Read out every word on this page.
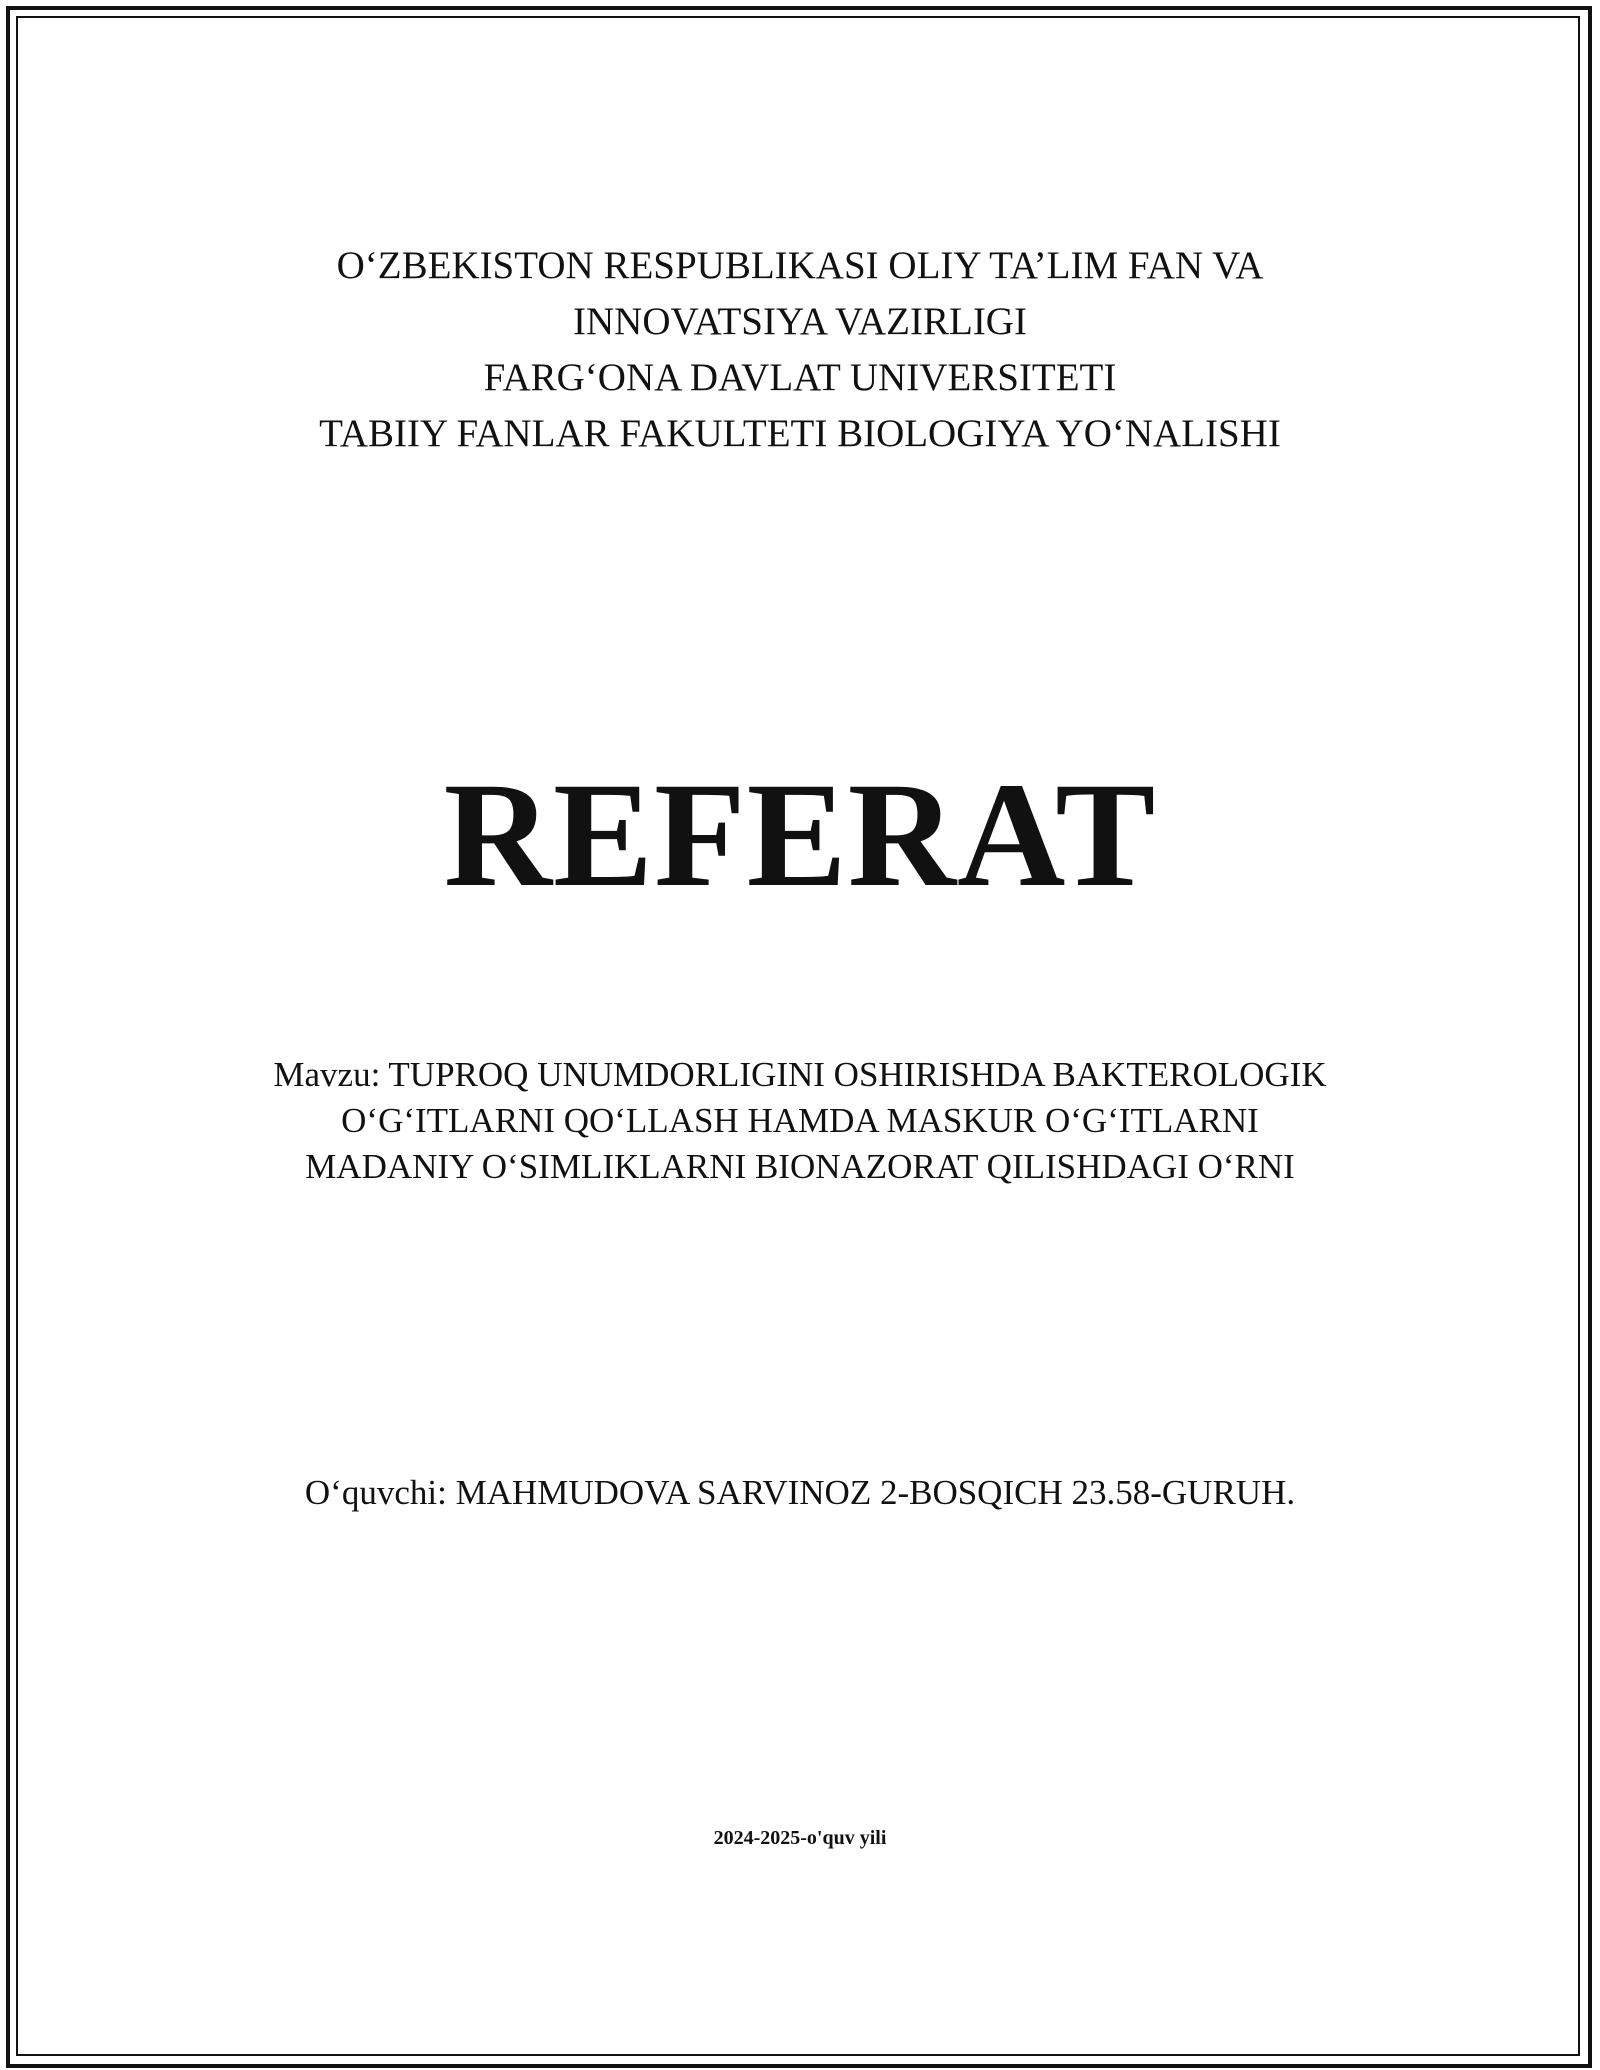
O‘ZBEKISTON RESPUBLIKASI OLIY TA’LIM FAN VA
INNOVATSIYA VAZIRLIGI
FARG‘ONA DAVLAT UNIVERSITETI
TABIIY FANLAR FAKULTETI BIOLOGIYA YO‘NALISHI
REFERAT
Mavzu: TUPROQ UNUMDORLIGINI OSHIRISHDA BAKTEROLOGIK
O‘G‘ITLARNI QO‘LLASH HAMDA MASKUR O‘G‘ITLARNI
MADANIY O‘SIMLIKLARNI BIONAZORAT QILISHDAGI O‘RNI
O‘quvchi: MAHMUDOVA SARVINOZ 2-BOSQICH 23.58-GURUH.
2024-2025-o'quv yili
